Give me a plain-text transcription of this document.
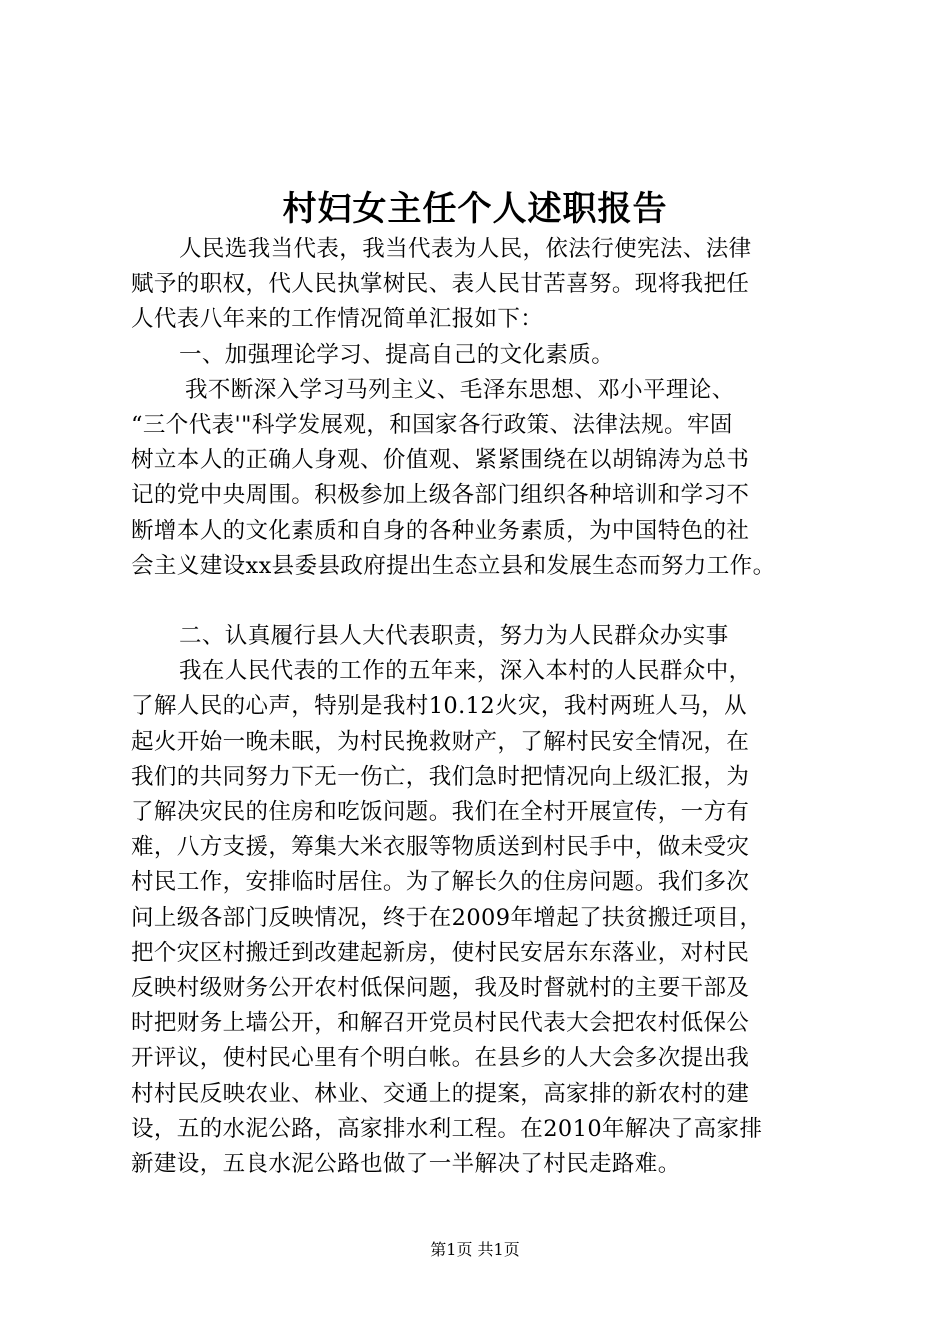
村妇女主任个人述职报告
人民选我当代表，我当代表为人民，依法行使宪法、法律
赋予的职权，代人民执掌树民、表人民甘苦喜努。现将我把任
人代表八年来的工作情况简单汇报如下：
一、加强理论学习、提高自己的文化素质。
我不断深入学习马列主义、毛泽东思想、邓小平理论、
“三个代表'"科学发展观，和国家各行政策、法律法规。牢固
树立本人的正确人身观、价值观、紧紧围绕在以胡锦涛为总书
记的党中央周围。积极参加上级各部门组织各种培训和学习不
断增本人的文化素质和自身的各种业务素质，为中国特色的社
会主义建设xx县委县政府提出生态立县和发展生态而努力工作。
二、认真履行县人大代表职责，努力为人民群众办实事
我在人民代表的工作的五年来，深入本村的人民群众中，
了解人民的心声，特别是我村10.12火灾，我村两班人马，从
起火开始一晚未眠，为村民挽救财产，了解村民安全情况，在
我们的共同努力下无一伤亡，我们急时把情况向上级汇报，为
了解决灾民的住房和吃饭问题。我们在全村开展宣传，一方有
难，八方支援，筹集大米衣服等物质送到村民手中，做未受灾
村民工作，安排临时居住。为了解长久的住房问题。我们多次
问上级各部门反映情况，终于在2009年增起了扶贫搬迁项目，
把个灾区村搬迁到改建起新房，使村民安居东东落业，对村民
反映村级财务公开农村低保问题，我及时督就村的主要干部及
时把财务上墙公开，和解召开党员村民代表大会把农村低保公
开评议，使村民心里有个明白帐。在县乡的人大会多次提出我
村村民反映农业、林业、交通上的提案，高家排的新农村的建
设，五的水泥公路，高家排水利工程。在2010年解决了高家排
新建设，五良水泥公路也做了一半解决了村民走路难。
第1页 共1页
